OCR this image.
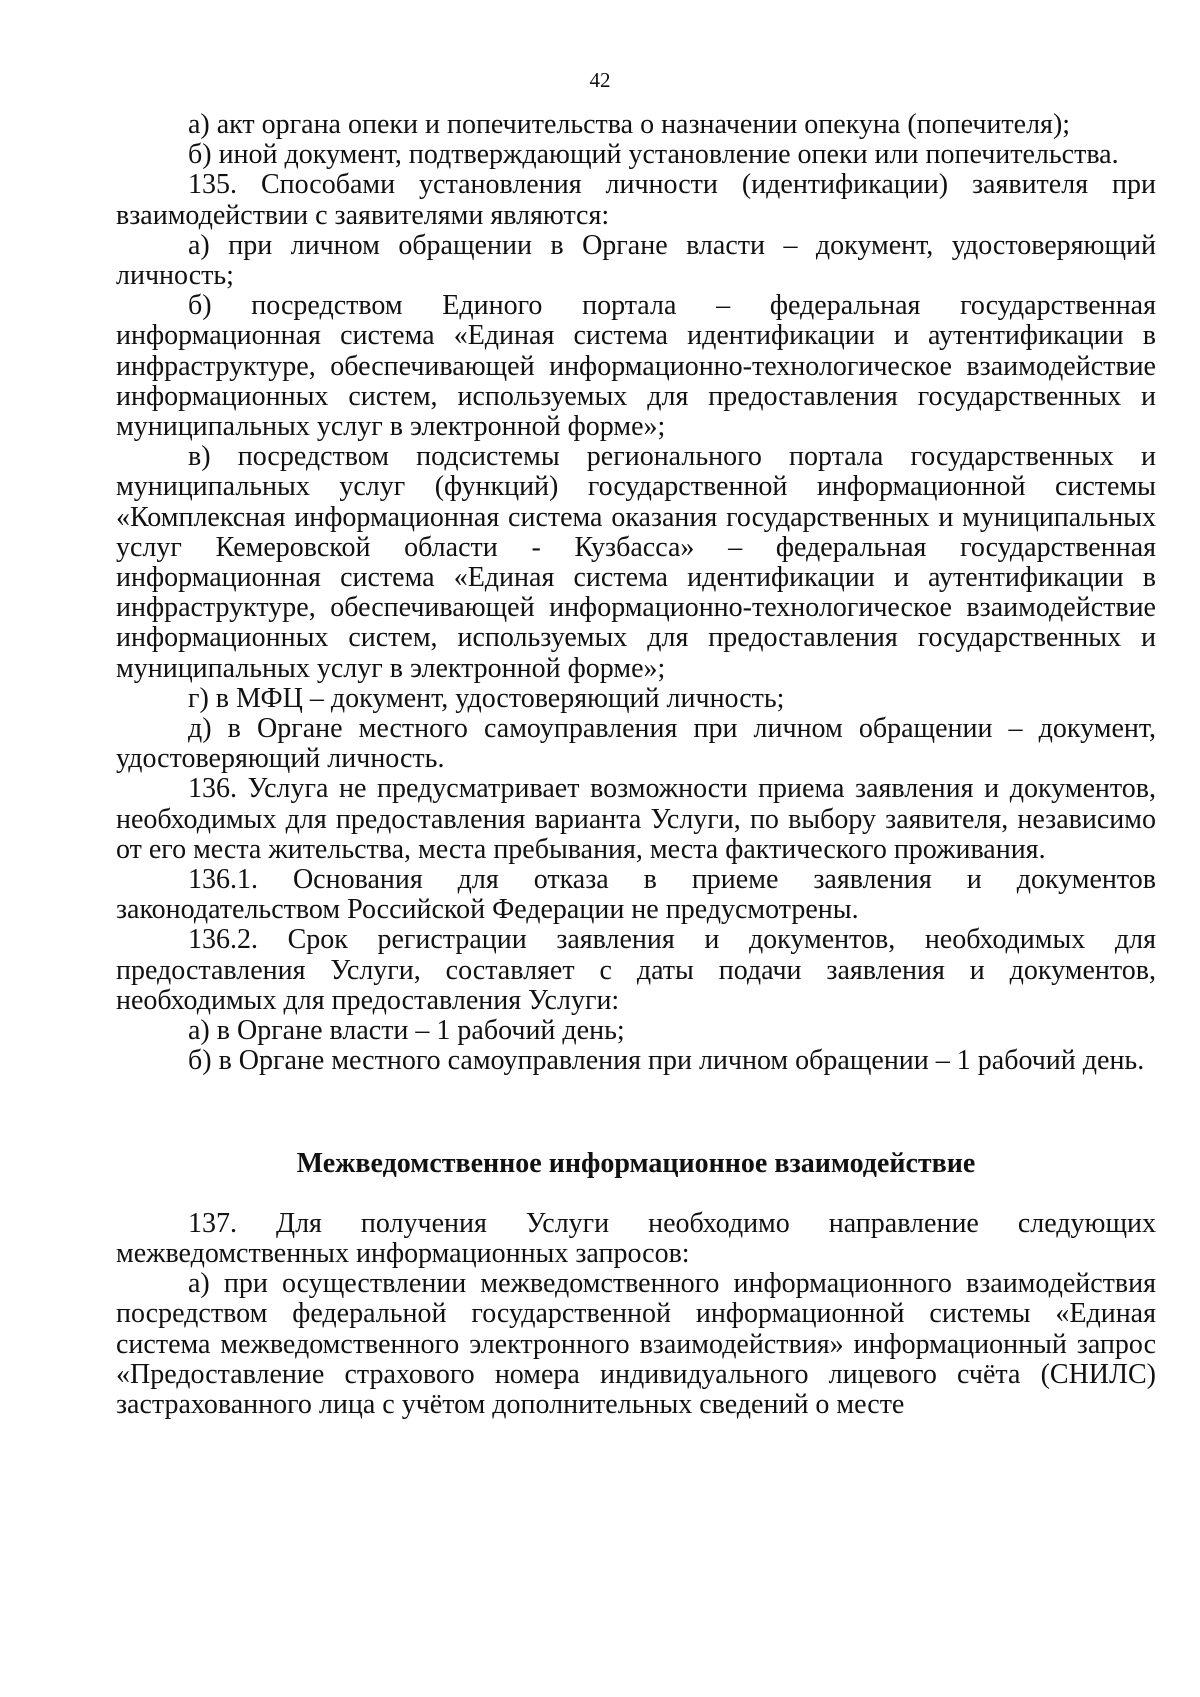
42

а) акт органа опеки и попечительства о назначении опекуна (попечителя);

б) иной документ, подтверждающий установление опеки или попечительства.

135. Способами установления личности (идентификации) заявителя при взаимодействии с заявителями являются:

а) при личном обращении в Органе власти – документ, удостоверяющий личность;

б) посредством Единого портала – федеральная государственная информационная система «Единая система идентификации и аутентификации в инфраструктуре, обеспечивающей информационно-технологическое взаимодействие информационных систем, используемых для предоставления государственных и муниципальных услуг в электронной форме»;

в) посредством подсистемы регионального портала государственных и муниципальных услуг (функций) государственной информационной системы «Комплексная информационная система оказания государственных и муниципальных услуг Кемеровской области - Кузбасса» – федеральная государственная информационная система «Единая система идентификации и аутентификации в инфраструктуре, обеспечивающей информационно-технологическое взаимодействие информационных систем, используемых для предоставления государственных и муниципальных услуг в электронной форме»;

г) в МФЦ – документ, удостоверяющий личность;

д) в Органе местного самоуправления при личном обращении – документ, удостоверяющий личность.

136. Услуга не предусматривает возможности приема заявления и документов, необходимых для предоставления варианта Услуги, по выбору заявителя, независимо от его места жительства, места пребывания, места фактического проживания.

136.1. Основания для отказа в приеме заявления и документов законодательством Российской Федерации не предусмотрены.

136.2. Срок регистрации заявления и документов, необходимых для предоставления Услуги, составляет с даты подачи заявления и документов, необходимых для предоставления Услуги:

а) в Органе власти – 1 рабочий день;

б) в Органе местного самоуправления при личном обращении – 1 рабочий день.

Межведомственное информационное взаимодействие

137. Для получения Услуги необходимо направление следующих межведомственных информационных запросов:

а) при осуществлении межведомственного информационного взаимодействия посредством федеральной государственной информационной системы «Единая система межведомственного электронного взаимодействия» информационный запрос «Предоставление страхового номера индивидуального лицевого счёта (СНИЛС) застрахованного лица с учётом дополнительных сведений о месте
